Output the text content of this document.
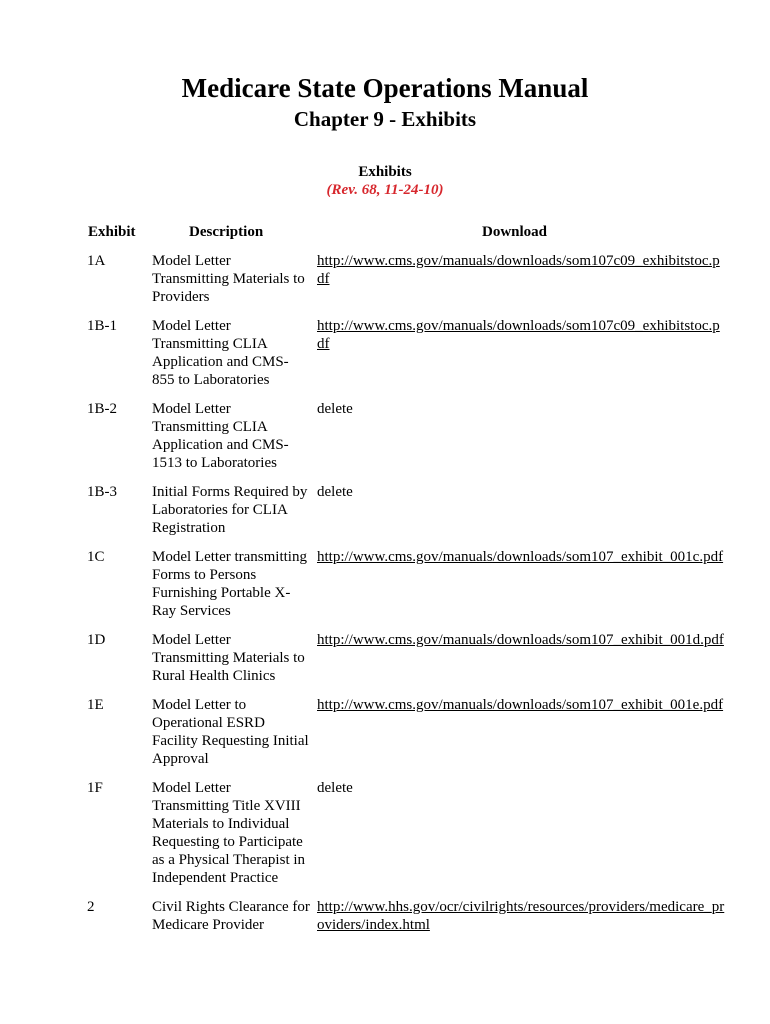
Medicare State Operations Manual
Chapter 9 - Exhibits
Exhibits
(Rev. 68, 11-24-10)
Exhibit	Description	Download
1A	Model Letter Transmitting Materials to Providers
http://www.cms.gov/manuals/downloads/som107c09_exhibitstoc.pdf
1B-1	Model Letter Transmitting CLIA Application and CMS-855 to Laboratories
http://www.cms.gov/manuals/downloads/som107c09_exhibitstoc.pdf
1B-2	Model Letter Transmitting CLIA Application and CMS-1513 to Laboratories
delete
1B-3	Initial Forms Required by Laboratories for CLIA Registration
delete
1C	Model Letter transmitting Forms to Persons Furnishing Portable X-Ray Services
http://www.cms.gov/manuals/downloads/som107_exhibit_001c.pdf
1D	Model Letter Transmitting Materials to Rural Health Clinics
http://www.cms.gov/manuals/downloads/som107_exhibit_001d.pdf
1E	Model Letter to Operational ESRD Facility Requesting Initial Approval
http://www.cms.gov/manuals/downloads/som107_exhibit_001e.pdf
1F	Model Letter Transmitting Title XVIII Materials to Individual Requesting to Participate as a Physical Therapist in Independent Practice
delete
2	Civil Rights Clearance for Medicare Provider
http://www.hhs.gov/ocr/civilrights/resources/providers/medicare_providers/index.html
